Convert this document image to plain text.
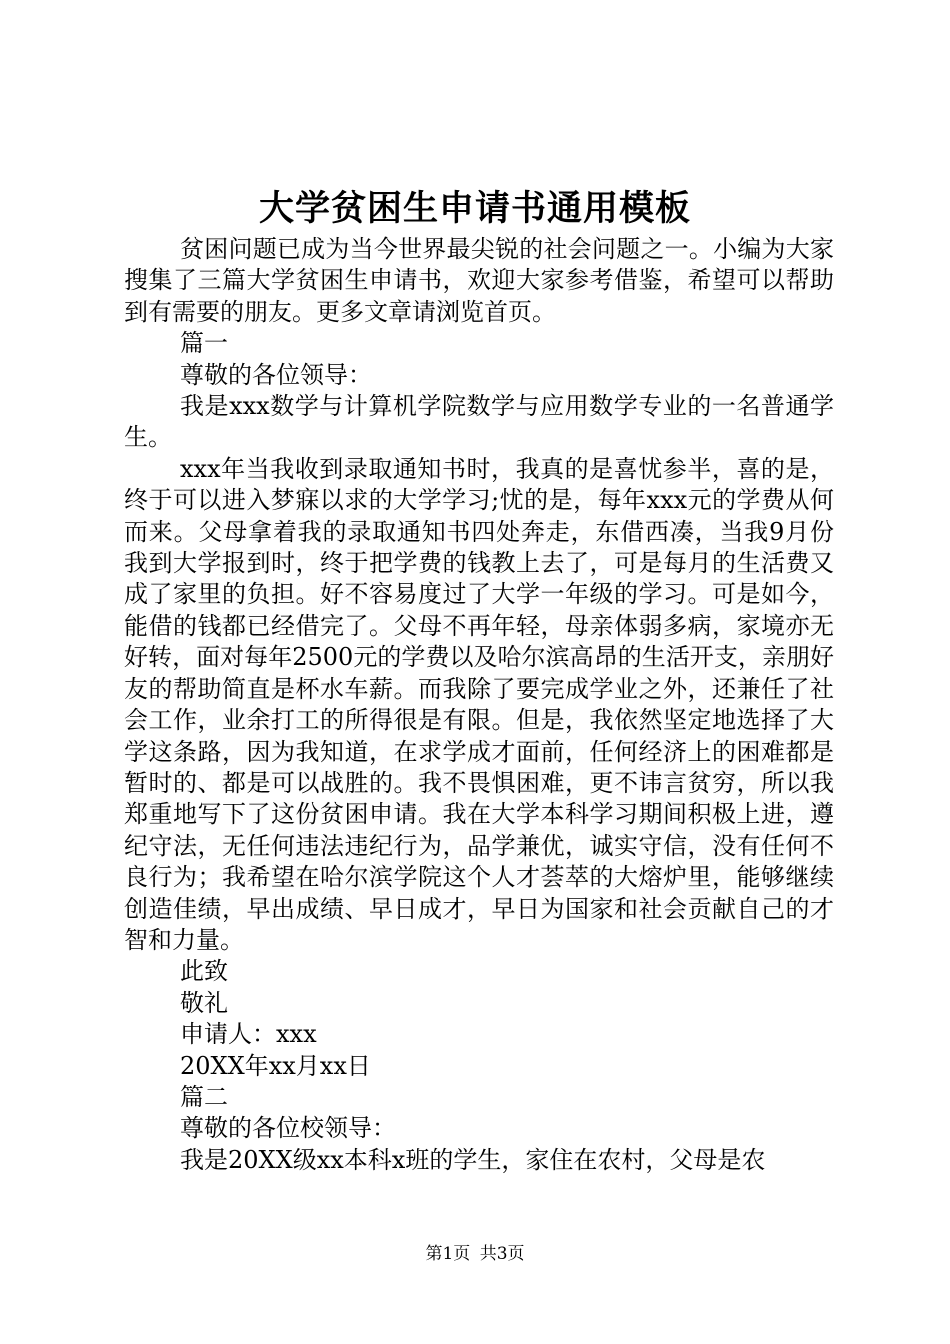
大学贫困生申请书通用模板

贫困问题已成为当今世界最尖锐的社会问题之一。小编为大家搜集了三篇大学贫困生申请书，欢迎大家参考借鉴，希望可以帮助到有需要的朋友。更多文章请浏览首页。

篇一

尊敬的各位领导：

我是xxx数学与计算机学院数学与应用数学专业的一名普通学生。

xxx年当我收到录取通知书时，我真的是喜忧参半，喜的是，终于可以进入梦寐以求的大学学习;忧的是，每年xxx元的学费从何而来。父母拿着我的录取通知书四处奔走，东借西凑，当我9月份我到大学报到时，终于把学费的钱教上去了，可是每月的生活费又成了家里的负担。好不容易度过了大学一年级的学习。可是如今，能借的钱都已经借完了。父母不再年轻，母亲体弱多病，家境亦无好转，面对每年2500元的学费以及哈尔滨高昂的生活开支，亲朋好友的帮助简直是杯水车薪。而我除了要完成学业之外，还兼任了社会工作，业余打工的所得很是有限。但是，我依然坚定地选择了大学这条路，因为我知道，在求学成才面前，任何经济上的困难都是暂时的、都是可以战胜的。我不畏惧困难，更不讳言贫穷，所以我郑重地写下了这份贫困申请。我在大学本科学习期间积极上进，遵纪守法，无任何违法违纪行为，品学兼优，诚实守信，没有任何不良行为；我希望在哈尔滨学院这个人才荟萃的大熔炉里，能够继续创造佳绩，早出成绩、早日成才，早日为国家和社会贡献自己的才智和力量。

此致

敬礼

申请人：xxx

20XX年xx月xx日

篇二

尊敬的各位校领导：

我是20XX级xx本科x班的学生，家住在农村，父母是农

第1页 共3页
